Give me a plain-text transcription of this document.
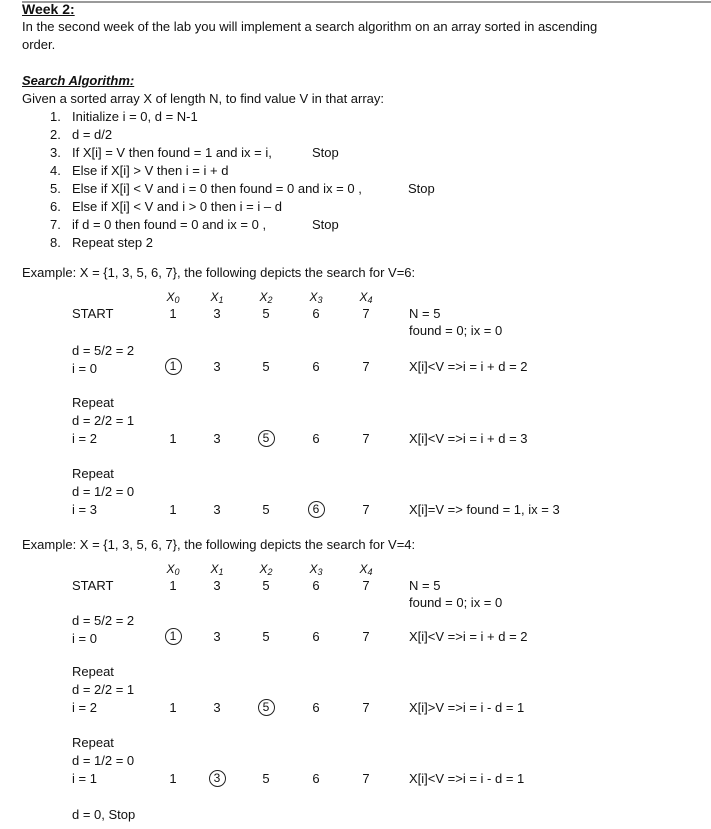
Week 2:
In the second week of the lab you will implement a search algorithm on an array sorted in ascending
order.
Search Algorithm:
Given a sorted array X of length N, to find value V in that array:
1. Initialize i = 0, d = N-1
2. d = d/2
3. If X[i] = V then found = 1 and ix = i,	Stop
4. Else if X[i] > V then i = i + d
5. Else if X[i] < V and i = 0 then found = 0 and ix = 0 ,	Stop
6. Else if X[i] < V and i > 0 then i = i – d
7. if d = 0 then found = 0 and ix = 0 ,	Stop
8. Repeat step 2
Example: X = {1, 3, 5, 6, 7}, the following depicts the search for V=6:
$X_0$	$X_1$	$X_2$	$X_3$	$X_4$
START	1	3	5	6	7	N = 5
found = 0; ix = 0
d = 5/2 = 2
i = 0	1	3	5	6	7	X[i]<V =>i = i + d = 2
Repeat
d = 2/2 = 1
i = 2	1	3	5	6	7	X[i]<V =>i = i + d = 3
Repeat
d = 1/2 = 0
i = 3	1	3	5	6	7	X[i]=V => found = 1, ix = 3
Example: X = {1, 3, 5, 6, 7}, the following depicts the search for V=4:
$X_0$	$X_1$	$X_2$	$X_3$	$X_4$
START	1	3	5	6	7	N = 5
found = 0; ix = 0
d = 5/2 = 2
i = 0	1	3	5	6	7	X[i]<V =>i = i + d = 2
Repeat
d = 2/2 = 1
i = 2	1	3	5	6	7	X[i]>V =>i = i - d = 1
Repeat
d = 1/2 = 0
i = 1	1	3	5	6	7	X[i]<V =>i = i - d = 1
d = 0, Stop
